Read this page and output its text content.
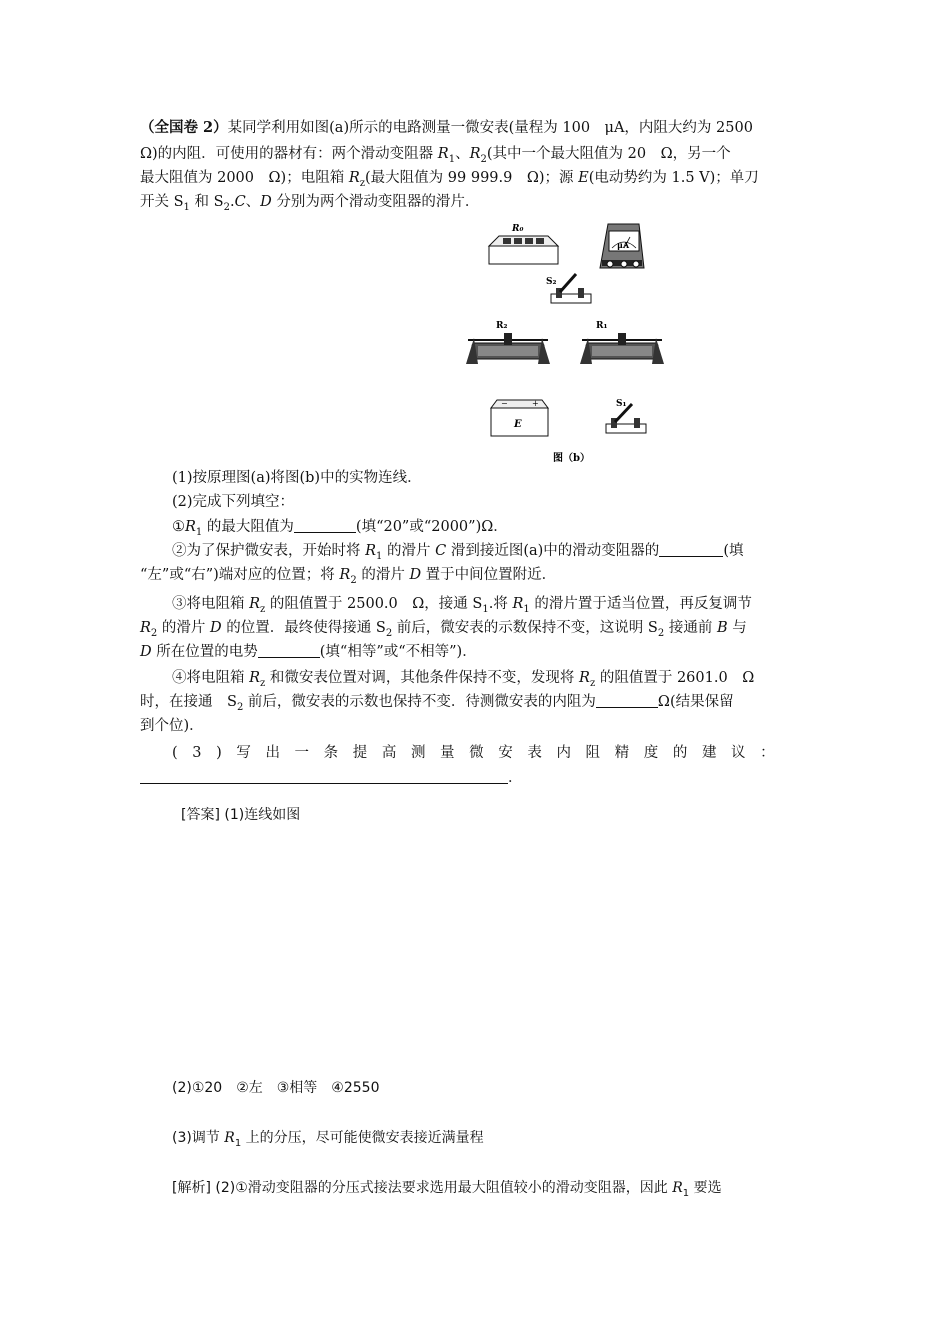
（全国卷 2）某同学利用如图(a)所示的电路测量一微安表(量程为 100　μA，内阻大约为 2500

Ω)的内阻．可使用的器材有：两个滑动变阻器 $R_1$、$R_2$(其中一个最大阻值为 20　Ω，另一个

最大阻值为 2000　Ω)；电阻箱 $R_z$(最大阻值为 99 999.9　Ω)；源 E(电动势约为 1.5 V)；单刀

开关 $S_1$ 和 $S_2.C$、D 分别为两个滑动变阻器的滑片．

R₀
μA
S₂
R₂	R₁
−	+
E
S₁
图（b）

(1)按原理图(a)将图(b)中的实物连线．

(2)完成下列填空：

$①R_1$ 的最大阻值为	(填“20”或“2000”)Ω．

②为了保护微安表，开始时将 $R_1$ 的滑片 C 滑到接近图(a)中的滑动变阻器的	(填

“左”或“右”)端对应的位置；将 $R_2$ 的滑片 D 置于中间位置附近．

③将电阻箱 $R_z$ 的阻值置于 2500.0　Ω，接通 $S_1$.将 $R_1$ 的滑片置于适当位置，再反复调节

$R_2$ 的滑片 D 的位置．最终使得接通 $S_2$ 前后，微安表的示数保持不变，这说明 $S_2$ 接通前 B 与

D 所在位置的电势	(填“相等”或“不相等”)．

④将电阻箱 $R_z$ 和微安表位置对调，其他条件保持不变，发现将 $R_z$ 的阻值置于 2601.0　Ω

时，在接通　$S_2$ 前后，微安表的示数也保持不变．待测微安表的内阻为	Ω(结果保留

到个位)．

(3)写出一条提高测量微安表内阻精度的建议：

．

[答案] (1)连线如图

(2)①20　②左　③相等　④2550

(3)调节 $R_1$ 上的分压，尽可能使微安表接近满量程

[解析] (2)①滑动变阻器的分压式接法要求选用最大阻值较小的滑动变阻器，因此 $R_1$ 要选
